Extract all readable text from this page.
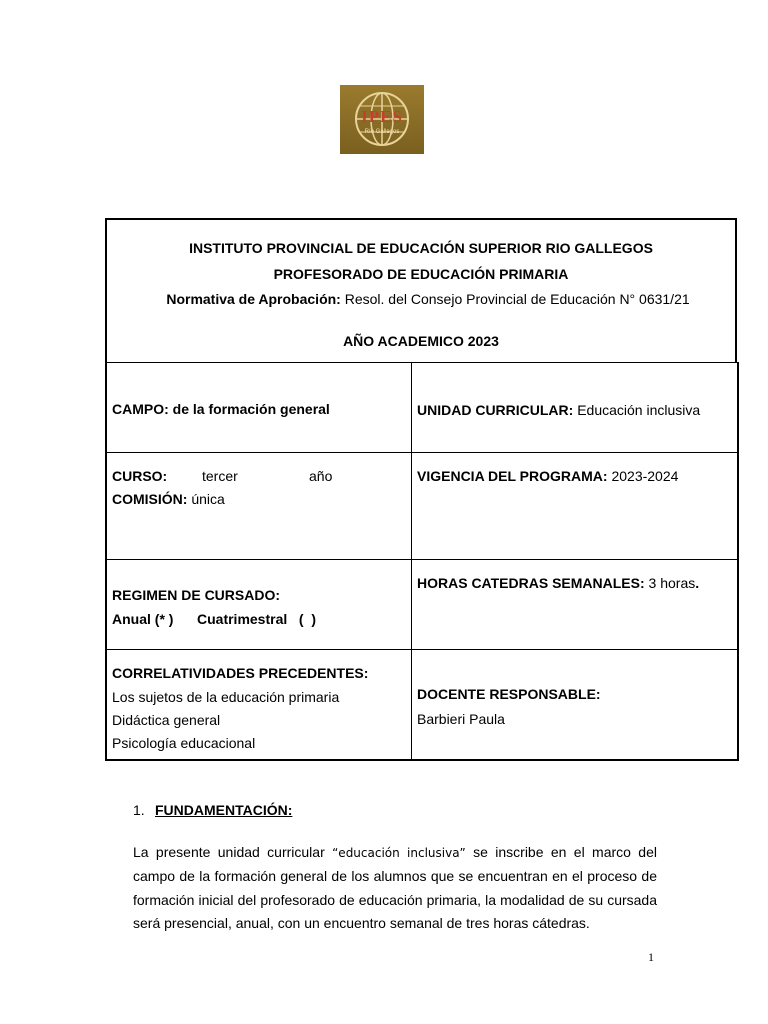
IPES
Río Gallegos
INSTITUTO PROVINCIAL DE EDUCACIÓN SUPERIOR RIO GALLEGOS
PROFESORADO DE EDUCACIÓN PRIMARIA
Normativa de Aprobación: Resol. del Consejo Provincial de Educación N° 0631/21
AÑO ACADEMICO 2023
CAMPO: de la formación general	UNIDAD CURRICULAR: Educación inclusiva
CURSO: tercer	año
COMISIÓN: única
VIGENCIA DEL PROGRAMA: 2023-2024
REGIMEN DE CURSADO:
Anual (* ) Cuatrimestral   (  )
HORAS CATEDRAS SEMANALES: 3 horas.
CORRELATIVIDADES PRECEDENTES:
Los sujetos de la educación primaria
Didáctica general
Psicología educacional
DOCENTE RESPONSABLE:
Barbieri Paula
1. FUNDAMENTACIÓN:
La presente unidad curricular “educación inclusiva” se inscribe en el marco del
campo de la formación general de los alumnos que se encuentran en el proceso de
formación inicial del profesorado de educación primaria, la modalidad de su cursada
será presencial, anual, con un encuentro semanal de tres horas cátedras.
1
